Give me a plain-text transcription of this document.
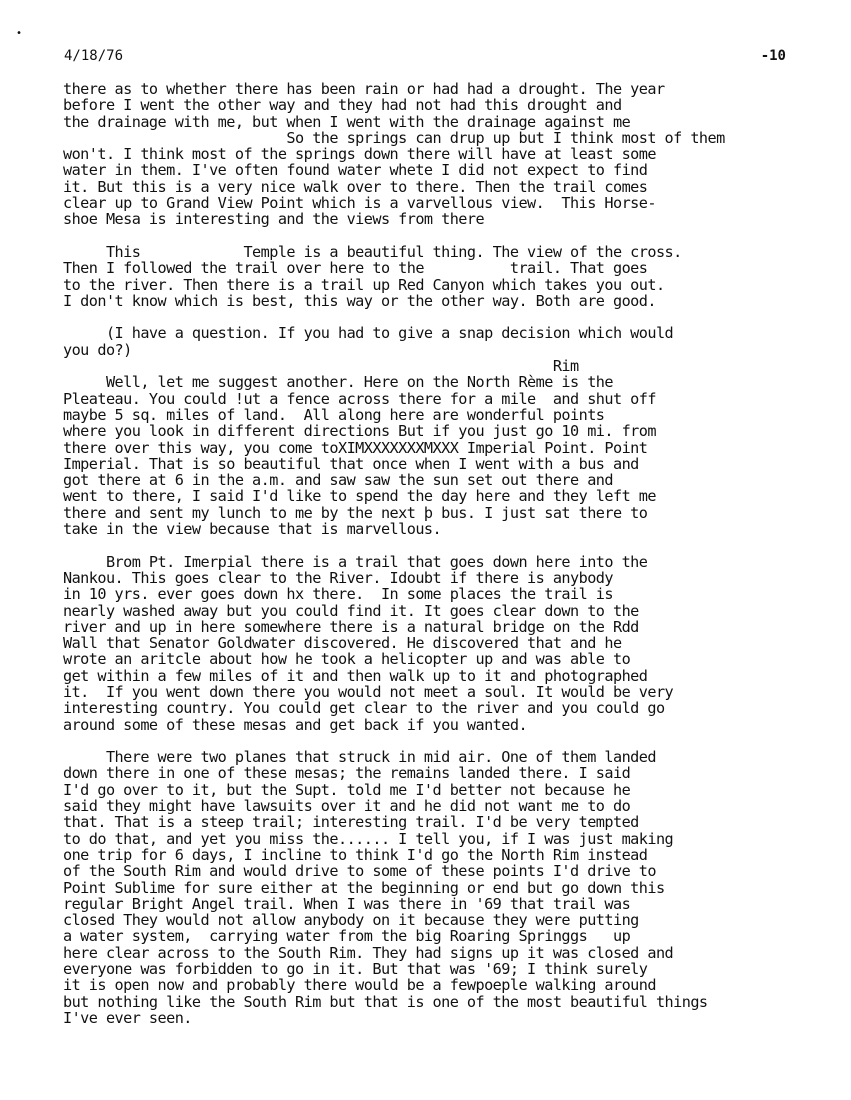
•
4/18/76	-10
there as to whether there has been rain or had had a drought. The year
before I went the other way and they had not had this drought and
the drainage with me, but when I went with the drainage against me
So the springs can drup up but I think most of them
won't. I think most of the springs down there will have at least some
water in them. I've often found water whete I did not expect to find
it. But this is a very nice walk over to there. Then the trail comes
clear up to Grand View Point which is a varvellous view.  This Horse-
shoe Mesa is interesting and the views from there
This            Temple is a beautiful thing. The view of the cross.
Then I followed the trail over here to the          trail. That goes
to the river. Then there is a trail up Red Canyon which takes you out.
I don't know which is best, this way or the other way. Both are good.
(I have a question. If you had to give a snap decision which would
you do?)
Rim
Well, let me suggest another. Here on the North Rème is the
Pleateau. You could !ut a fence across there for a mile  and shut off
maybe 5 sq. miles of land.  All along here are wonderful points
where you look in different directions But if you just go 10 mi. from
there over this way, you come toXIMXXXXXXXMXXX Imperial Point. Point
Imperial. That is so beautiful that once when I went with a bus and
got there at 6 in the a.m. and saw saw the sun set out there and
went to there, I said I'd like to spend the day here and they left me
there and sent my lunch to me by the next þ bus. I just sat there to
take in the view because that is marvellous.
Brom Pt. Imerpial there is a trail that goes down here into the
Nankou. This goes clear to the River. Idoubt if there is anybody
in 10 yrs. ever goes down hx there.  In some places the trail is
nearly washed away but you could find it. It goes clear down to the
river and up in here somewhere there is a natural bridge on the Rdd
Wall that Senator Goldwater discovered. He discovered that and he
wrote an aritcle about how he took a helicopter up and was able to
get within a few miles of it and then walk up to it and photographed
it.  If you went down there you would not meet a soul. It would be very
interesting country. You could get clear to the river and you could go
around some of these mesas and get back if you wanted.
There were two planes that struck in mid air. One of them landed
down there in one of these mesas; the remains landed there. I said
I'd go over to it, but the Supt. told me I'd better not because he
said they might have lawsuits over it and he did not want me to do
that. That is a steep trail; interesting trail. I'd be very tempted
to do that, and yet you miss the...... I tell you, if I was just making
one trip for 6 days, I incline to think I'd go the North Rim instead
of the South Rim and would drive to some of these points I'd drive to
Point Sublime for sure either at the beginning or end but go down this
regular Bright Angel trail. When I was there in '69 that trail was
closed They would not allow anybody on it because they were putting
a water system,  carrying water from the big Roaring Springgs   up
here clear across to the South Rim. They had signs up it was closed and
everyone was forbidden to go in it. But that was '69; I think surely
it is open now and probably there would be a fewpoeple walking around
but nothing like the South Rim but that is one of the most beautiful things
I've ever seen.
